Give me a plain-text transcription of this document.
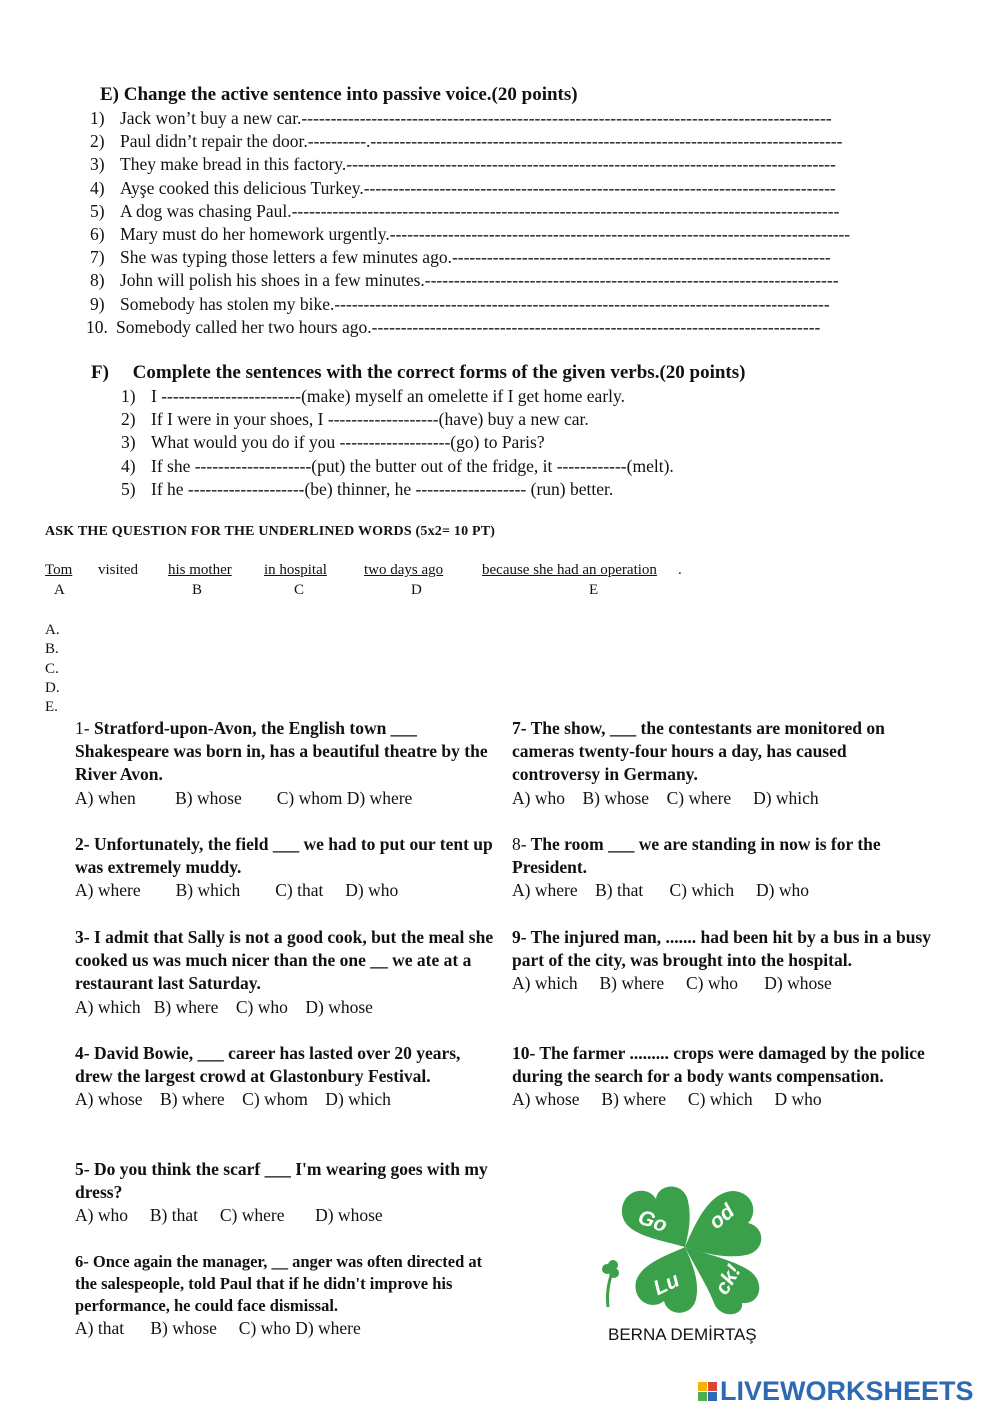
E) Change the active sentence into passive voice.(20 points)
1) Jack won’t buy a new car.-------------------------------------------------------------------------------------------
2) Paul didn’t repair the door.----------.---------------------------------------------------------------------------------
3) They make bread in this factory.------------------------------------------------------------------------------------
4) Ayşe cooked this delicious Turkey.---------------------------------------------------------------------------------
5) A dog was chasing Paul.----------------------------------------------------------------------------------------------
6) Mary must do her homework urgently.-------------------------------------------------------------------------------
7) She was typing those letters a few minutes ago.-----------------------------------------------------------------
8) John will polish his shoes in a few minutes.-----------------------------------------------------------------------
9) Somebody has stolen my bike.-------------------------------------------------------------------------------------
10. Somebody called her two hours ago.-----------------------------------------------------------------------------
F)     Complete the sentences with the correct forms of the given verbs.(20 points)
1) I ------------------------(make) myself an omelette if I get home early.
2) If I were in your shoes, I -------------------(have) buy a new car.
3) What would you do if you -------------------(go) to Paris?
4) If she --------------------(put) the butter out of the fridge, it ------------(melt).
5) If he --------------------(be) thinner, he ------------------- (run) better.
ASK THE QUESTION FOR THE UNDERLINED WORDS (5x2= 10 PT)
Tom visited his mother in hospital two days ago	because she had an operation .
A	B	C	D	E
A.
B.
C.
D.
E.
1- Stratford-upon-Avon, the English town ___ Shakespeare was born in, has a beautiful theatre by the River Avon.
A) when         B) whose        C) whom D) where
2- Unfortunately, the field ___ we had to put our tent up was extremely muddy.
A) where        B) which        C) that     D) who
3- I admit that Sally is not a good cook, but the meal she cooked us was much nicer than the one __ we ate at a restaurant last Saturday.
A) which   B) where    C) who    D) whose
4- David Bowie, ___ career has lasted over 20 years, drew the largest crowd at Glastonbury Festival.
A) whose    B) where    C) whom    D) which
5- Do you think the scarf ___ I'm wearing goes with my dress?
A) who     B) that     C) where       D) whose
6- Once again the manager, __ anger was often directed at the salespeople, told Paul that if he didn't improve his performance, he could face dismissal.
A) that      B) whose     C) who D) where
7- The show, ___ the contestants are monitored on cameras twenty-four hours a day, has caused controversy in Germany.
A) who    B) whose    C) where     D) which
8- The room ___ we are standing in now is for the President.
A) where    B) that      C) which     D) who
9- The injured man, ....... had been hit by a bus in a busy part of the city, was brought into the hospital.
A) which     B) where     C) who      D) whose
10- The farmer ......... crops were damaged by the police during the search for a body wants compensation.
A) whose     B) where     C) which     D who
Go od
Lu ck!
BERNA DEMİRTAŞ
LIVEWORKSHEETS
